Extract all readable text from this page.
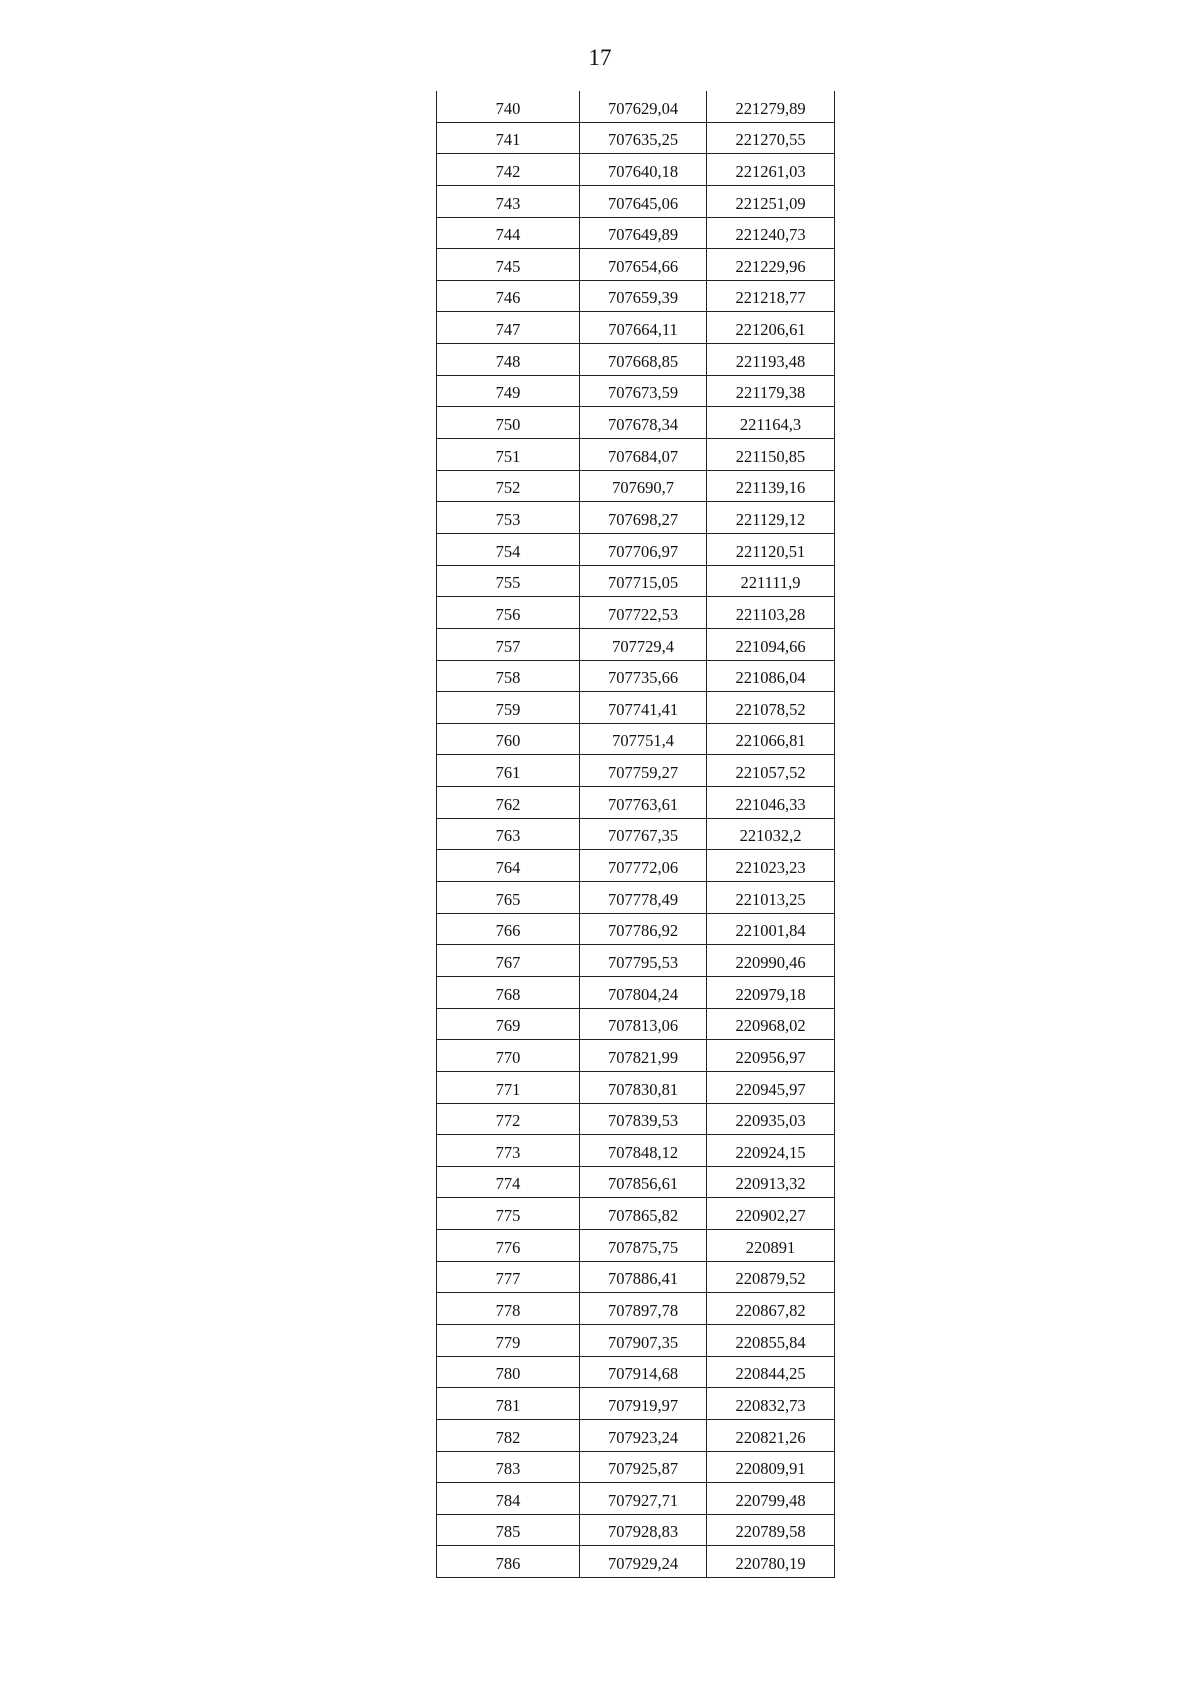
17
740	707629,04	221279,89
741	707635,25	221270,55
742	707640,18	221261,03
743	707645,06	221251,09
744	707649,89	221240,73
745	707654,66	221229,96
746	707659,39	221218,77
747	707664,11	221206,61
748	707668,85	221193,48
749	707673,59	221179,38
750	707678,34	221164,3
751	707684,07	221150,85
752	707690,7	221139,16
753	707698,27	221129,12
754	707706,97	221120,51
755	707715,05	221111,9
756	707722,53	221103,28
757	707729,4	221094,66
758	707735,66	221086,04
759	707741,41	221078,52
760	707751,4	221066,81
761	707759,27	221057,52
762	707763,61	221046,33
763	707767,35	221032,2
764	707772,06	221023,23
765	707778,49	221013,25
766	707786,92	221001,84
767	707795,53	220990,46
768	707804,24	220979,18
769	707813,06	220968,02
770	707821,99	220956,97
771	707830,81	220945,97
772	707839,53	220935,03
773	707848,12	220924,15
774	707856,61	220913,32
775	707865,82	220902,27
776	707875,75	220891
777	707886,41	220879,52
778	707897,78	220867,82
779	707907,35	220855,84
780	707914,68	220844,25
781	707919,97	220832,73
782	707923,24	220821,26
783	707925,87	220809,91
784	707927,71	220799,48
785	707928,83	220789,58
786	707929,24	220780,19
